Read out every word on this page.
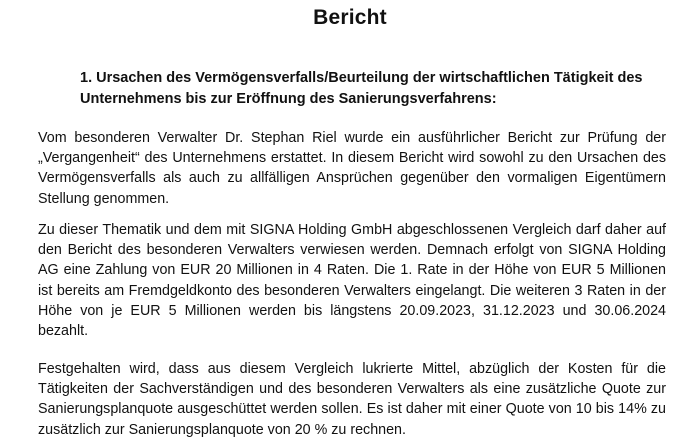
Bericht
1. Ursachen des Vermögensverfalls/Beurteilung der wirtschaftlichen Tätigkeit des
Unternehmens bis zur Eröffnung des Sanierungsverfahrens:
Vom besonderen Verwalter Dr. Stephan Riel wurde ein ausführlicher Bericht zur Prüfung der
„Vergangenheit“ des Unternehmens erstattet. In diesem Bericht wird sowohl zu den Ursachen des
Vermögensverfalls als auch zu allfälligen Ansprüchen gegenüber den vormaligen Eigentümern
Stellung genommen.
Zu dieser Thematik und dem mit SIGNA Holding GmbH abgeschlossenen Vergleich darf daher auf
den Bericht des besonderen Verwalters verwiesen werden. Demnach erfolgt von SIGNA Holding
AG eine Zahlung von EUR 20 Millionen in 4 Raten. Die 1. Rate in der Höhe von EUR 5 Millionen
ist bereits am Fremdgeldkonto des besonderen Verwalters eingelangt. Die weiteren 3 Raten in der
Höhe von je EUR 5 Millionen werden bis längstens 20.09.2023, 31.12.2023 und 30.06.2024
bezahlt.
Festgehalten wird, dass aus diesem Vergleich lukrierte Mittel, abzüglich der Kosten für die
Tätigkeiten der Sachverständigen und des besonderen Verwalters als eine zusätzliche Quote zur
Sanierungsplanquote ausgeschüttet werden sollen. Es ist daher mit einer Quote von 10 bis 14% zu
zusätzlich zur Sanierungsplanquote von 20 % zu rechnen.
